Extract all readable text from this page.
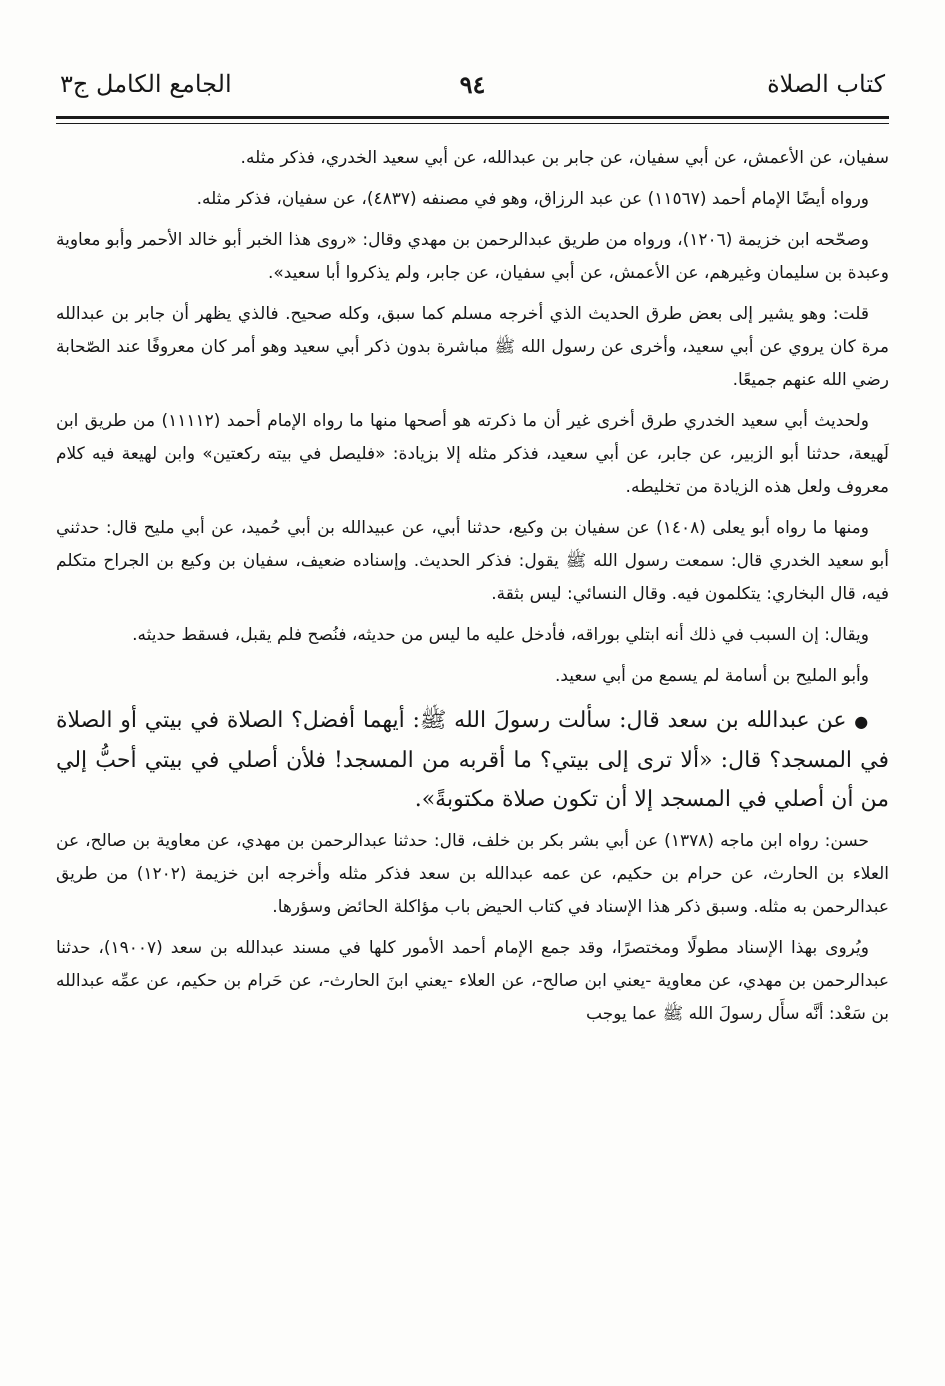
كتاب الصلاة
٩٤
الجامع الكامل ج٣

سفيان، عن الأعمش، عن أبي سفيان، عن جابر بن عبدالله، عن أبي سعيد الخدري، فذكر مثله.

ورواه أيضًا الإمام أحمد (١١٥٦٧) عن عبد الرزاق، وهو في مصنفه (٤٨٣٧)، عن سفيان، فذكر مثله.

وصحّحه ابن خزيمة (١٢٠٦)، ورواه من طريق عبدالرحمن بن مهدي وقال: «روى هذا الخبر أبو خالد الأحمر وأبو معاوية وعبدة بن سليمان وغيرهم، عن الأعمش، عن أبي سفيان، عن جابر، ولم يذكروا أبا سعيد».

قلت: وهو يشير إلى بعض طرق الحديث الذي أخرجه مسلم كما سبق، وكله صحيح. فالذي يظهر أن جابر بن عبدالله مرة كان يروي عن أبي سعيد، وأخرى عن رسول الله ﷺ مباشرة بدون ذكر أبي سعيد وهو أمر كان معروفًا عند الصّحابة رضي الله عنهم جميعًا.

ولحديث أبي سعيد الخدري طرق أخرى غير أن ما ذكرته هو أصحها منها ما رواه الإمام أحمد (١١١١٢) من طريق ابن لَهيعة، حدثنا أبو الزبير، عن جابر، عن أبي سعيد، فذكر مثله إلا بزيادة: «فليصل في بيته ركعتين» وابن لهيعة فيه كلام معروف ولعل هذه الزيادة من تخليطه.

ومنها ما رواه أبو يعلى (١٤٠٨) عن سفيان بن وكيع، حدثنا أبي، عن عبيدالله بن أبي حُميد، عن أبي مليح قال: حدثني أبو سعيد الخدري قال: سمعت رسول الله ﷺ يقول: فذكر الحديث. وإسناده ضعيف، سفيان بن وكيع بن الجراح متكلم فيه، قال البخاري: يتكلمون فيه. وقال النسائي: ليس بثقة.

ويقال: إن السبب في ذلك أنه ابتلي بوراقه، فأدخل عليه ما ليس من حديثه، فنُصح فلم يقبل، فسقط حديثه.

وأبو المليح بن أسامة لم يسمع من أبي سعيد.

● عن عبدالله بن سعد قال: سألت رسولَ الله ﷺ: أيهما أفضل؟ الصلاة في بيتي أو الصلاة في المسجد؟ قال: «ألا ترى إلى بيتي؟ ما أقربه من المسجد! فلأن أصلي في بيتي أحبُّ إلي من أن أصلي في المسجد إلا أن تكون صلاة مكتوبةً».

حسن: رواه ابن ماجه (١٣٧٨) عن أبي بشر بكر بن خلف، قال: حدثنا عبدالرحمن بن مهدي، عن معاوية بن صالح، عن العلاء بن الحارث، عن حرام بن حكيم، عن عمه عبدالله بن سعد فذكر مثله وأخرجه ابن خزيمة (١٢٠٢) من طريق عبدالرحمن به مثله. وسبق ذكر هذا الإسناد في كتاب الحيض باب مؤاكلة الحائض وسؤرها.

ويُروى بهذا الإسناد مطولًا ومختصرًا، وقد جمع الإمام أحمد الأمور كلها في مسند عبدالله بن سعد (١٩٠٠٧)، حدثنا عبدالرحمن بن مهدي، عن معاوية -يعني ابن صالح-، عن العلاء -يعني ابنَ الحارث-، عن حَرام بن حكيم، عن عمِّه عبدالله بن سَعْد: أنَّه سأَل رسولَ الله ﷺ عما يوجب
